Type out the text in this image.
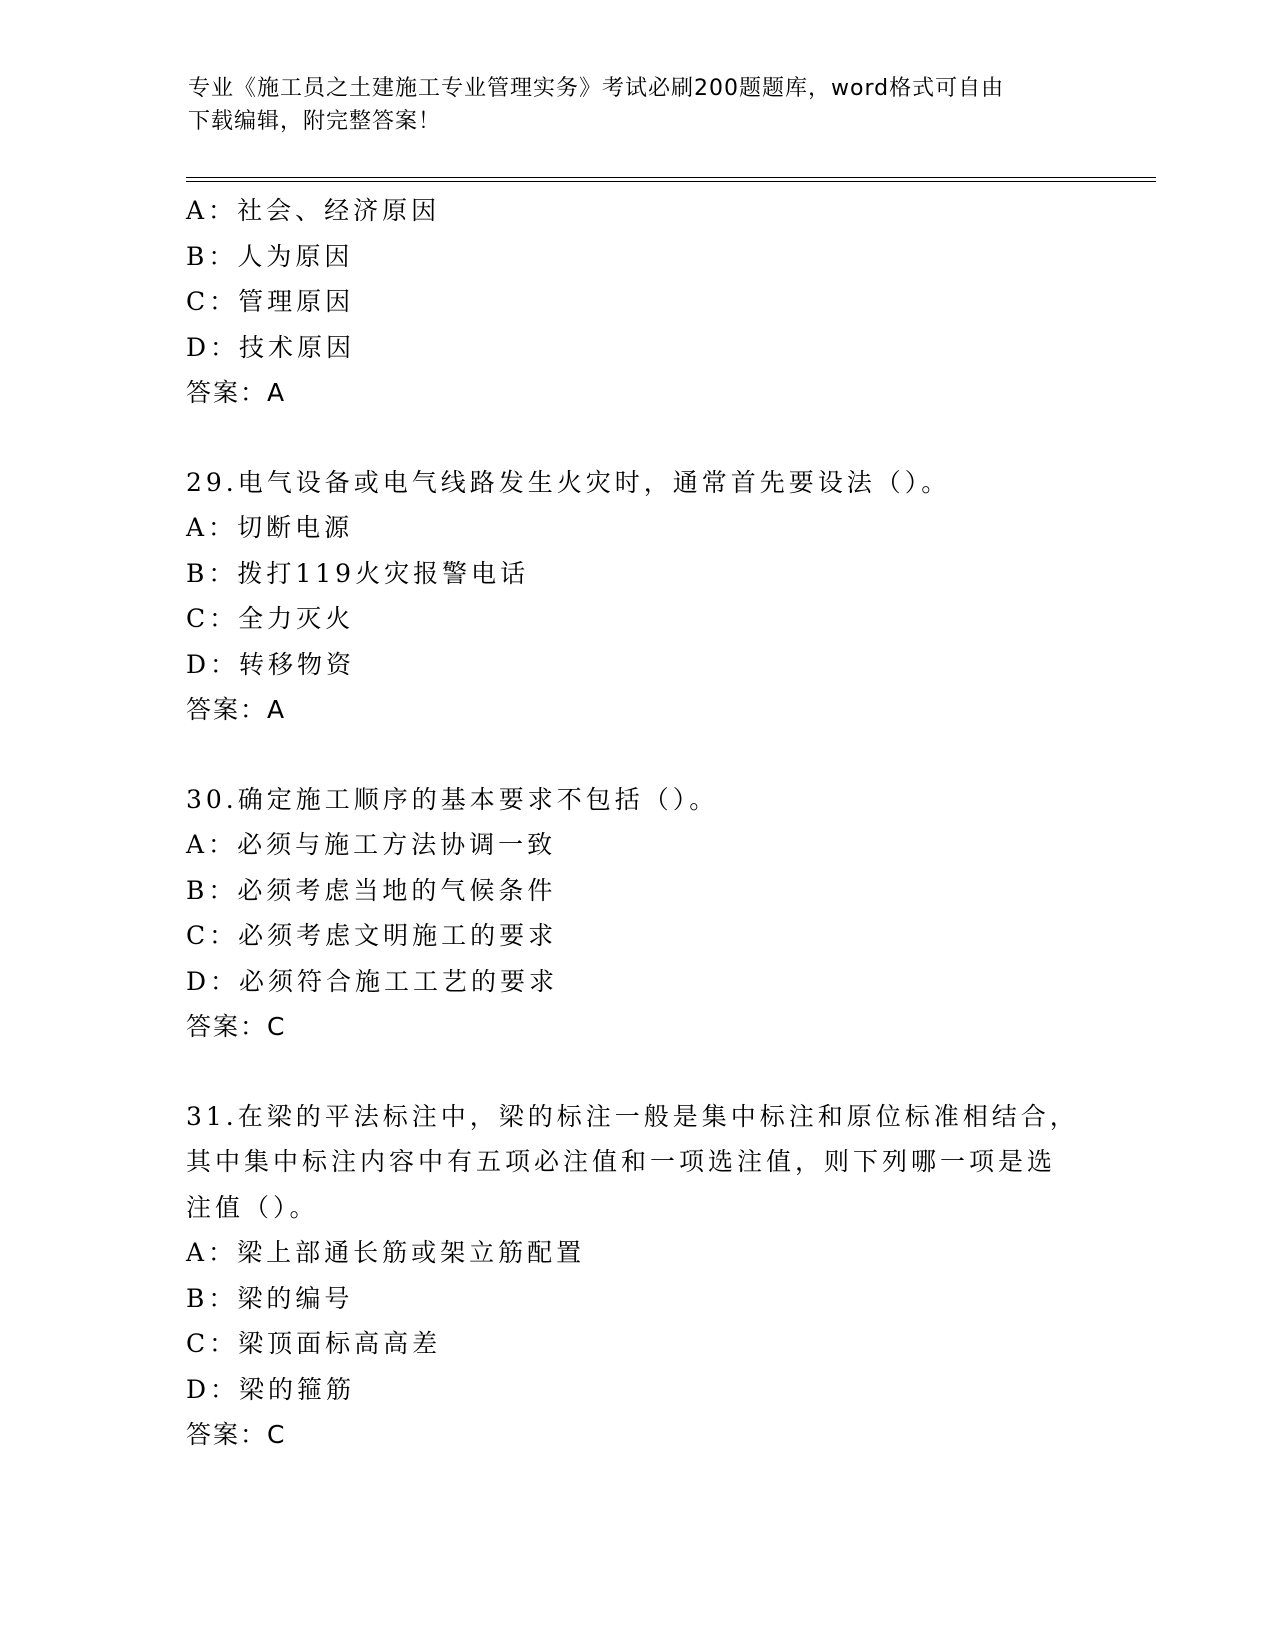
专业《施工员之土建施工专业管理实务》考试必刷200题题库，word格式可自由
下载编辑，附完整答案！
A：社会、经济原因
B：人为原因
C：管理原因
D：技术原因
答案：A
29.电气设备或电气线路发生火灾时，通常首先要设法（）。
A：切断电源
B：拨打119火灾报警电话
C：全力灭火
D：转移物资
答案：A
30.确定施工顺序的基本要求不包括（）。
A：必须与施工方法协调一致
B：必须考虑当地的气候条件
C：必须考虑文明施工的要求
D：必须符合施工工艺的要求
答案：C
31.在梁的平法标注中，梁的标注一般是集中标注和原位标准相结合，
其中集中标注内容中有五项必注值和一项选注值，则下列哪一项是选
注值（）。
A：梁上部通长筋或架立筋配置
B：梁的编号
C：梁顶面标高高差
D：梁的箍筋
答案：C
